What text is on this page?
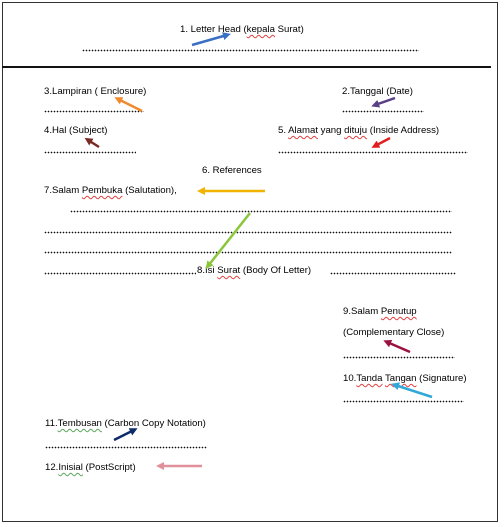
1. Letter Head (kepala Surat)
3.Lampiran ( Enclosure)	2.Tanggal (Date)
4.Hal (Subject)	5. Alamat yang dituju (Inside Address)
6. References
7.Salam Pembuka (Salutation),
8.Isi Surat (Body Of Letter)
9.Salam Penutup
(Complementary Close)
10.Tanda Tangan (Signature)
11.Tembusan (Carbon Copy Notation)
12.Inisial (PostScript)
